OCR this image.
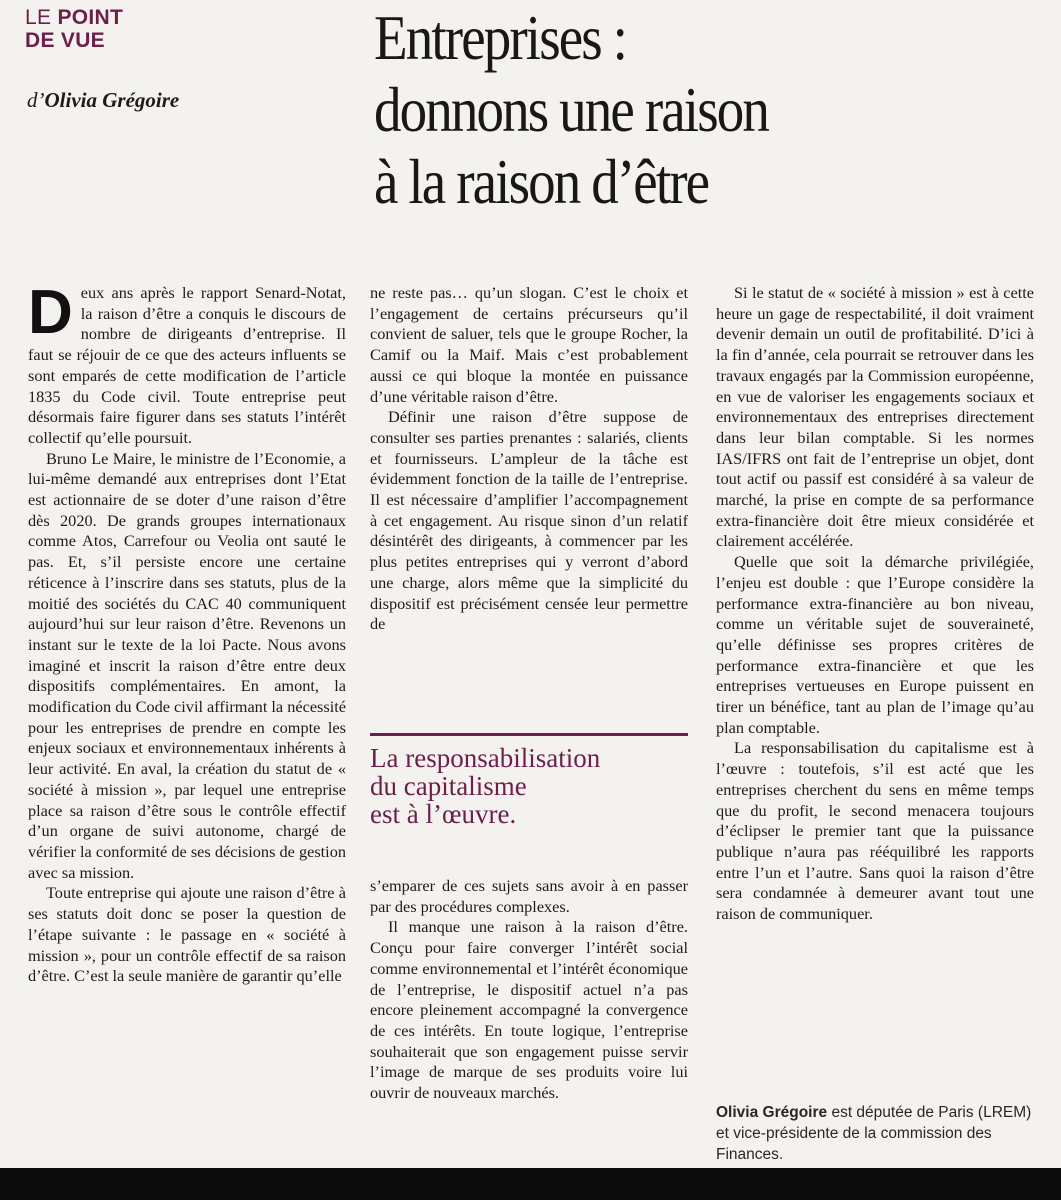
LE POINT
DE VUE
d’Olivia Grégoire
Entreprises :
donnons une raison
à la raison d’être

Deux ans après le rapport Senard-Notat, la raison d’être a conquis le discours de nombre de dirigeants d’entreprise. Il faut se réjouir de ce que des acteurs influents se sont emparés de cette modification de l’article 1835 du Code civil. Toute entreprise peut désormais faire figurer dans ses statuts l’intérêt collectif qu’elle poursuit.

Bruno Le Maire, le ministre de l’Economie, a lui-même demandé aux entreprises dont l’Etat est actionnaire de se doter d’une raison d’être dès 2020. De grands groupes internationaux comme Atos, Carrefour ou Veolia ont sauté le pas. Et, s’il persiste encore une certaine réticence à l’inscrire dans ses statuts, plus de la moitié des sociétés du CAC 40 communiquent aujourd’hui sur leur raison d’être. Revenons un instant sur le texte de la loi Pacte. Nous avons imaginé et inscrit la raison d’être entre deux dispositifs complémentaires. En amont, la modification du Code civil affirmant la nécessité pour les entreprises de prendre en compte les enjeux sociaux et environnementaux inhérents à leur activité. En aval, la création du statut de « société à mission », par lequel une entreprise place sa raison d’être sous le contrôle effectif d’un organe de suivi autonome, chargé de vérifier la conformité de ses décisions de gestion avec sa mission.

Toute entreprise qui ajoute une raison d’être à ses statuts doit donc se poser la question de l’étape suivante : le passage en « société à mission », pour un contrôle effectif de sa raison d’être. C’est la seule manière de garantir qu’elle

ne reste pas… qu’un slogan. C’est le choix et l’engagement de certains précurseurs qu’il convient de saluer, tels que le groupe Rocher, la Camif ou la Maif. Mais c’est probablement aussi ce qui bloque la montée en puissance d’une véritable raison d’être.

Définir une raison d’être suppose de consulter ses parties prenantes : salariés, clients et fournisseurs. L’ampleur de la tâche est évidemment fonction de la taille de l’entreprise. Il est nécessaire d’amplifier l’accompagnement à cet engagement. Au risque sinon d’un relatif désintérêt des dirigeants, à commencer par les plus petites entreprises qui y verront d’abord une charge, alors même que la simplicité du dispositif est précisément censée leur permettre de

La responsabilisation
du capitalisme
est à l’œuvre.

s’emparer de ces sujets sans avoir à en passer par des procédures complexes.

Il manque une raison à la raison d’être. Conçu pour faire converger l’intérêt social comme environnemental et l’intérêt économique de l’entreprise, le dispositif actuel n’a pas encore pleinement accompagné la convergence de ces intérêts. En toute logique, l’entreprise souhaiterait que son engagement puisse servir l’image de marque de ses produits voire lui ouvrir de nouveaux marchés.

Si le statut de « société à mission » est à cette heure un gage de respectabilité, il doit vraiment devenir demain un outil de profitabilité. D’ici à la fin d’année, cela pourrait se retrouver dans les travaux engagés par la Commission européenne, en vue de valoriser les engagements sociaux et environnementaux des entreprises directement dans leur bilan comptable. Si les normes IAS/IFRS ont fait de l’entreprise un objet, dont tout actif ou passif est considéré à sa valeur de marché, la prise en compte de sa performance extra-financière doit être mieux considérée et clairement accélérée.

Quelle que soit la démarche privilégiée, l’enjeu est double : que l’Europe considère la performance extra-financière au bon niveau, comme un véritable sujet de souveraineté, qu’elle définisse ses propres critères de performance extra-financière et que les entreprises vertueuses en Europe puissent en tirer un bénéfice, tant au plan de l’image qu’au plan comptable.

La responsabilisation du capitalisme est à l’œuvre : toutefois, s’il est acté que les entreprises cherchent du sens en même temps que du profit, le second menacera toujours d’éclipser le premier tant que la puissance publique n’aura pas rééquilibré les rapports entre l’un et l’autre. Sans quoi la raison d’être sera condamnée à demeurer avant tout une raison de communiquer.

Olivia Grégoire est députée de Paris (LREM) et vice-présidente de la commission des Finances.
